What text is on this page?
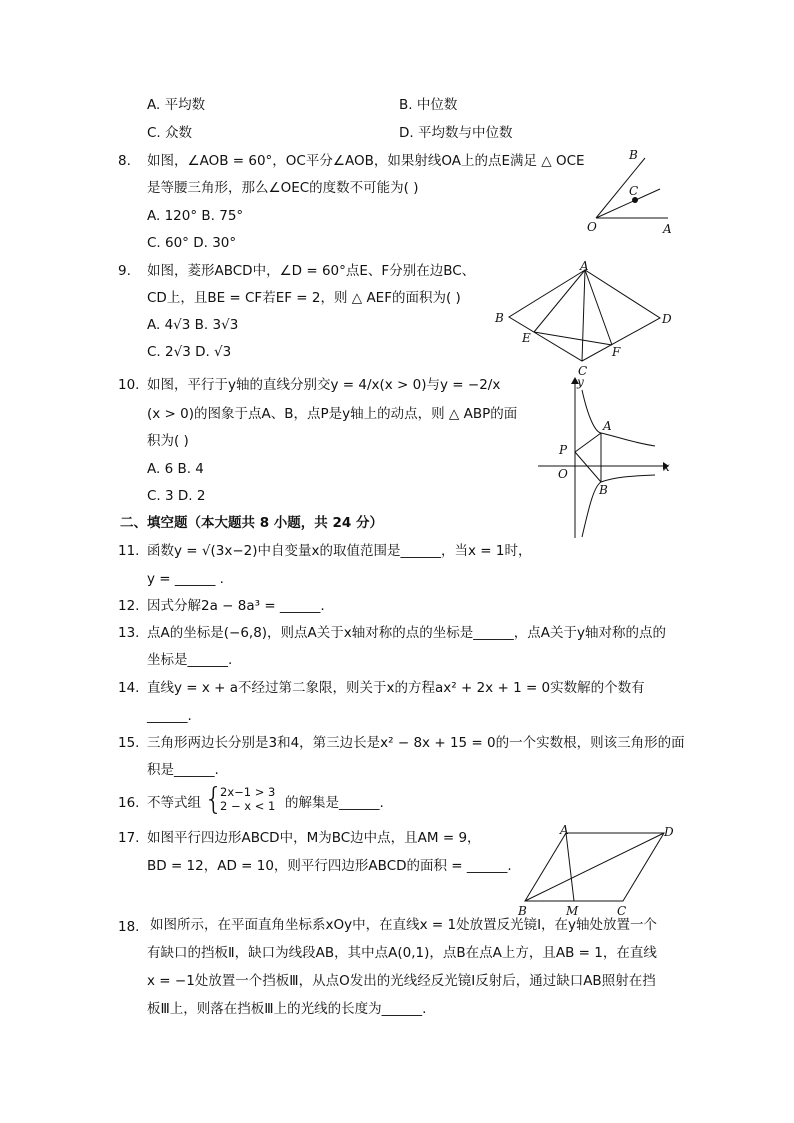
A. 平均数	B. 中位数
C. 众数	D. 平均数与中位数
8. 如图，∠AOB = 60°，OC平分∠AOB，如果射线OA上的点E满足 △ OCE
是等腰三角形，那么∠OEC的度数不可能为( )
A. 120° B. 75°
C. 60° D. 30°
B
C
O	A
9. 如图，菱形ABCD中，∠D = 60°点E、F分别在边BC、
CD上，且BE = CF若EF = 2，则 △ AEF的面积为( )
A. 4√3 B. 3√3
C. 2√3 D. √3
A
B	D
E
F
C
10. 如图，平行于y轴的直线分别交y = 4/x(x > 0)与y = −2/x
(x > 0)的图象于点A、B，点P是y轴上的动点，则 △ ABP的面
积为( )
A. 6 B. 4
C. 3 D. 2
y
A
P
O	x
B
二、填空题（本大题共 8 小题，共 24 分）
11. 函数y = √(3x−2)中自变量x的取值范围是______，当x = 1时，
y = ______ .
12. 因式分解2a − 8a³ = ______.
13. 点A的坐标是(−6,8)，则点A关于x轴对称的点的坐标是______，点A关于y轴对称的点的
坐标是______.
14. 直线y = x + a不经过第二象限，则关于x的方程ax² + 2x + 1 = 0实数解的个数有
______.
15. 三角形两边长分别是3和4，第三边长是x² − 8x + 15 = 0的一个实数根，则该三角形的面
积是______.
16. 不等式组 {
2x−1 > 3
2 − x < 1 的解集是______.
17. 如图平行四边形ABCD中，M为BC边中点，且AM = 9，
BD = 12，AD = 10，则平行四边形ABCD的面积 = ______.
A	D
B	M	C
18. 如图所示，在平面直角坐标系xOy中，在直线x = 1处放置反光镜Ⅰ，在y轴处放置一个
有缺口的挡板Ⅱ，缺口为线段AB，其中点A(0,1)，点B在点A上方，且AB = 1，在直线
x = −1处放置一个挡板Ⅲ，从点O发出的光线经反光镜Ⅰ反射后，通过缺口AB照射在挡
板Ⅲ上，则落在挡板Ⅲ上的光线的长度为______.
